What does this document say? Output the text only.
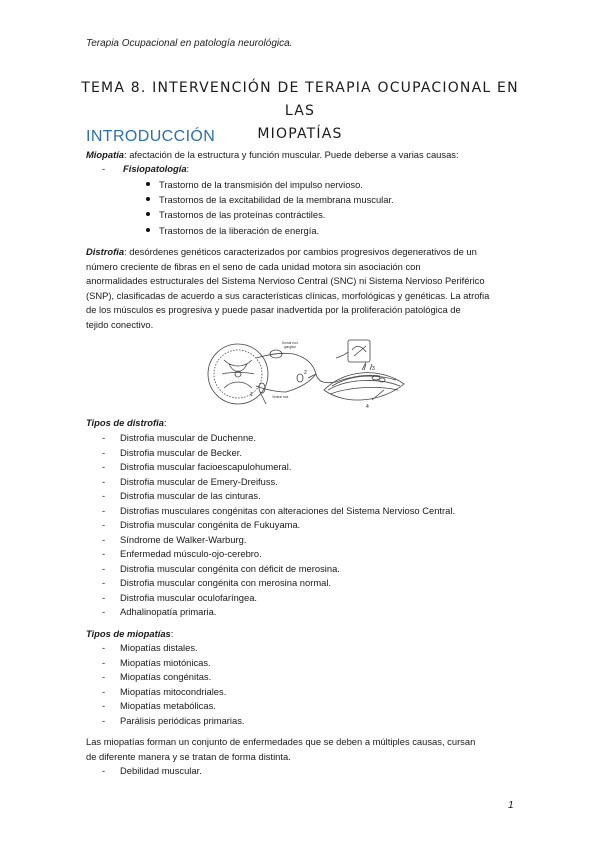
Terapia Ocupacional en patología neurológica.
TEMA 8. INTERVENCIÓN DE TERAPIA OCUPACIONAL EN LAS
MIOPATÍAS
INTRODUCCIÓN
Miopatía: afectación de la estructura y función muscular. Puede deberse a varias causas:
- Fisiopatología:
Trastorno de la transmisión del impulso nervioso.
Trastornos de la excitabilidad de la membrana muscular.
Trastornos de las proteínas contráctiles.
Trastornos de la liberación de energía.
Distrofia: desórdenes genéticos caracterizados por cambios progresivos degenerativos de un
número creciente de fibras en el seno de cada unidad motora sin asociación con
anormalidades estructurales del Sistema Nervioso Central (SNC) ni Sistema Nervioso Periférico
(SNP), clasificadas de acuerdo a sus características clínicas, morfológicas y genéticas. La atrofia
de los músculos es progresiva y puede pasar inadvertida por la proliferación patológica de
tejido conectivo.
Dorsal root
ganglion
Ventral root
1
2
3
4
Tipos de distrofia:
- Distrofia muscular de Duchenne.
- Distrofia muscular de Becker.
- Distrofia muscular facioescapulohumeral.
- Distrofia muscular de Emery-Dreifuss.
- Distrofia muscular de las cinturas.
- Distrofias musculares congénitas con alteraciones del Sistema Nervioso Central.
- Distrofia muscular congénita de Fukuyama.
- Síndrome de Walker-Warburg.
- Enfermedad músculo-ojo-cerebro.
- Distrofia muscular congénita con déficit de merosina.
- Distrofia muscular congénita con merosina normal.
- Distrofia muscular oculofaríngea.
- Adhalinopatía primaria.
Tipos de miopatías:
- Miopatías distales.
- Miopatías miotónicas.
- Miopatías congénitas.
- Miopatías mitocondriales.
- Miopatías metabólicas.
- Parálisis periódicas primarias.
Las miopatías forman un conjunto de enfermedades que se deben a múltiples causas, cursan
de diferente manera y se tratan de forma distinta.
- Debilidad muscular.
1
